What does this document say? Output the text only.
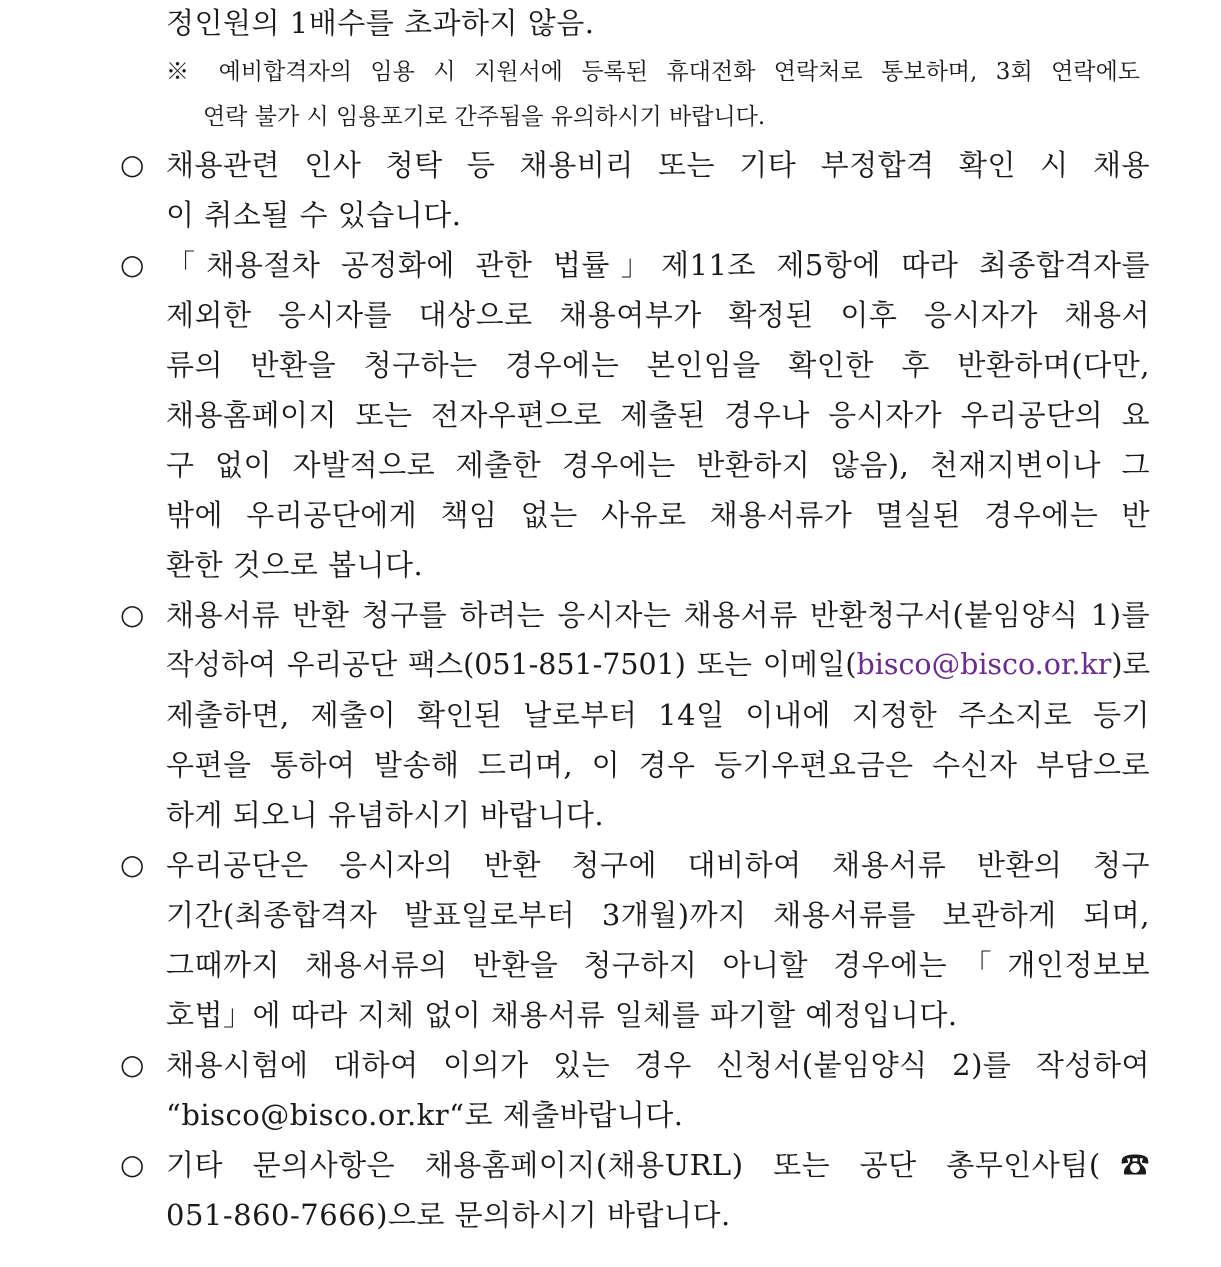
정인원의 1배수를 초과하지 않음.
※ 예비합격자의 임용 시 지원서에 등록된 휴대전화 연락처로 통보하며, 3회 연락에도
연락 불가 시 임용포기로 간주됨을 유의하시기 바랍니다.
○ 채용관련 인사 청탁 등 채용비리 또는 기타 부정합격 확인 시 채용
이 취소될 수 있습니다.
○ 「채용절차 공정화에 관한 법률」제11조 제5항에 따라 최종합격자를
제외한 응시자를 대상으로 채용여부가 확정된 이후 응시자가 채용서
류의 반환을 청구하는 경우에는 본인임을 확인한 후 반환하며(다만,
채용홈페이지 또는 전자우편으로 제출된 경우나 응시자가 우리공단의 요
구 없이 자발적으로 제출한 경우에는 반환하지 않음), 천재지변이나 그
밖에 우리공단에게 책임 없는 사유로 채용서류가 멸실된 경우에는 반
환한 것으로 봅니다.
○ 채용서류 반환 청구를 하려는 응시자는 채용서류 반환청구서(붙임양식 1)를
작성하여 우리공단 팩스(051-851-7501) 또는 이메일(bisco@bisco.or.kr)로
제출하면, 제출이 확인된 날로부터 14일 이내에 지정한 주소지로 등기
우편을 통하여 발송해 드리며, 이 경우 등기우편요금은 수신자 부담으로
하게 되오니 유념하시기 바랍니다.
○ 우리공단은 응시자의 반환 청구에 대비하여 채용서류 반환의 청구
기간(최종합격자 발표일로부터 3개월)까지 채용서류를 보관하게 되며,
그때까지 채용서류의 반환을 청구하지 아니할 경우에는「개인정보보
호법」에 따라 지체 없이 채용서류 일체를 파기할 예정입니다.
○ 채용시험에 대하여 이의가 있는 경우 신청서(붙임양식 2)를 작성하여
“bisco@bisco.or.kr“로 제출바랍니다.
○ 기타 문의사항은 채용홈페이지(채용URL) 또는 공단 총무인사팀(☎
051-860-7666)으로 문의하시기 바랍니다.
